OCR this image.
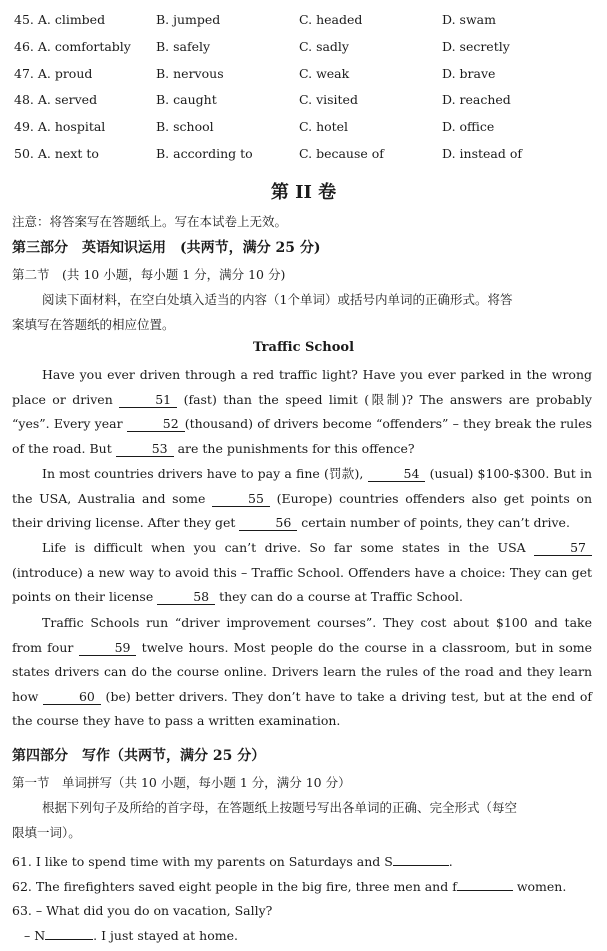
45. A. climbed	B. jumped	C. headed	D. swam
46. A. comfortably B. safely	C. sadly	D. secretly
47. A. proud	B. nervous	C. weak	D. brave
48. A. served	B. caught	C. visited	D. reached
49. A. hospital	B. school	C. hotel	D. office
50. A. next to	B. according to	C. because of	D. instead of
第 II 卷
注意：将答案写在答题纸上。写在本试卷上无效。
第三部分　英语知识运用　(共两节，满分 25 分)
第二节　(共 10 小题，每小题 1 分，满分 10 分)
阅读下面材料，在空白处填入适当的内容（1个单词）或括号内单词的正确形式。将答
案填写在答题纸的相应位置。
Traffic School
Have you ever driven through a red traffic light? Have you ever parked in the wrong place or driven	51 (fast) than the speed limit (限制)? The answers are probably “yes”. Every year	52 (thousand) of drivers become “offenders” – they break the rules of the road. But	53 are the punishments for this offence?
In most countries drivers have to pay a fine (罚款),	54 (usual) $100-$300. But in the USA, Australia and some	55 (Europe) countries offenders also get points on their driving license. After they get	56 certain number of points, they can’t drive.
Life is difficult when you can’t drive. So far some states in the USA	57 (introduce) a new way to avoid this – Traffic School. Offenders have a choice: They can get points on their license	58 they can do a course at Traffic School.
Traffic Schools run “driver improvement courses”. They cost about $100 and take from four	59 twelve hours. Most people do the course in a classroom, but in some states drivers can do the course online. Drivers learn the rules of the road and they learn how	60 (be) better drivers. They don’t have to take a driving test, but at the end of the course they have to pass a written examination.
第四部分　写作（共两节，满分 25 分）
第一节　单词拼写（共 10 小题，每小题 1 分，满分 10 分）
根据下列句子及所给的首字母，在答题纸上按题号写出各单词的正确、完全形式（每空
限填一词）。
61. I like to spend time with my parents on Saturdays and S	.
62. The firefighters saved eight people in the big fire, three men and f	women.
63. – What did you do on vacation, Sally?
– N	. I just stayed at home.
